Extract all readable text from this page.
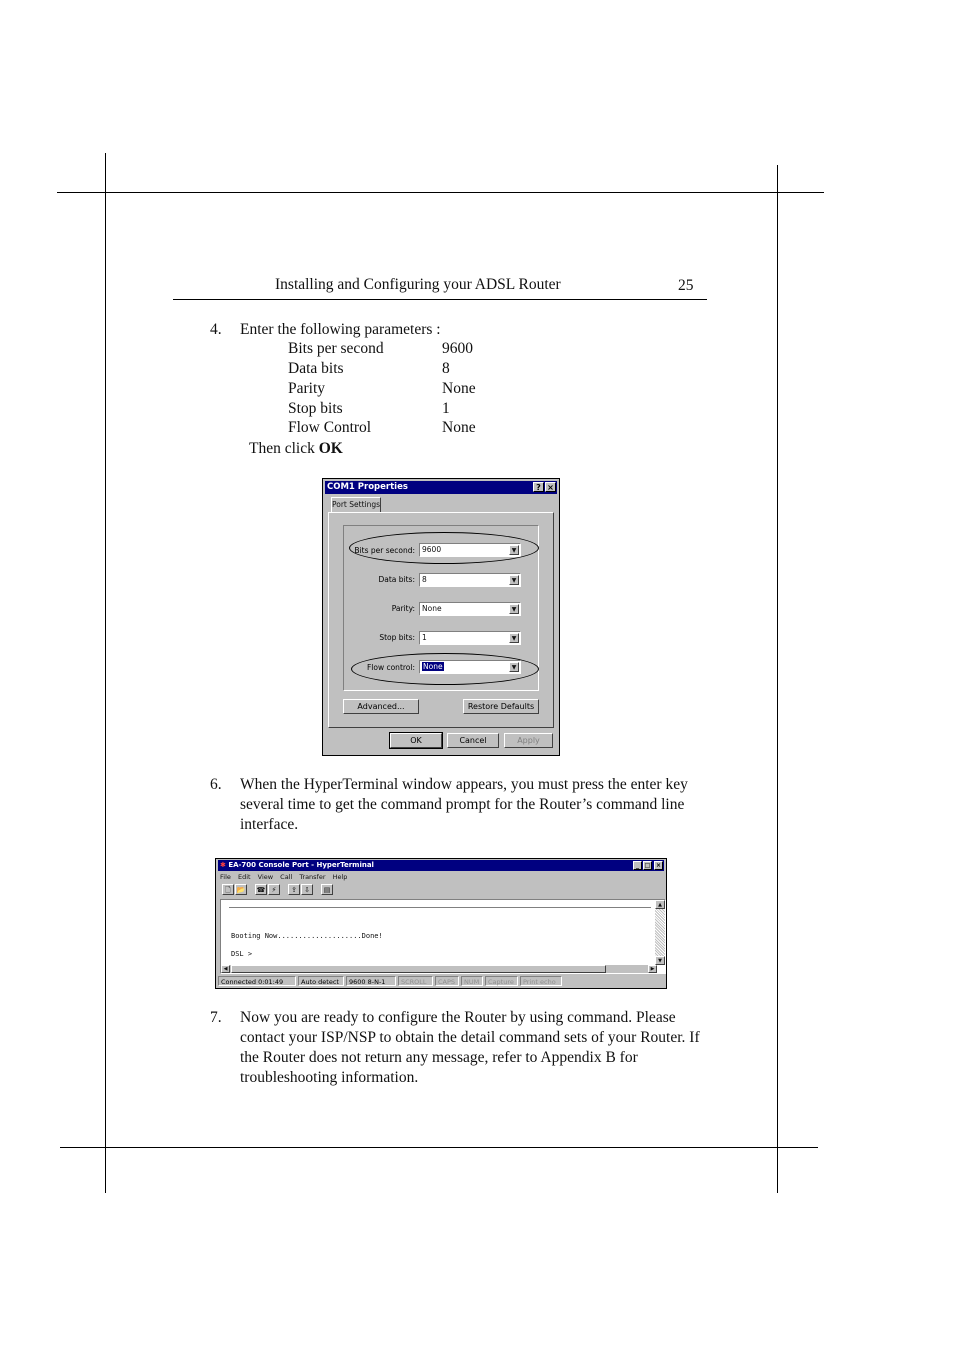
Installing and Configuring your ADSL Router	25
4. Enter the following parameters :
Bits per second	9600
Data bits	8
Parity	None
Stop bits	1
Flow Control	None
Then click OK
COM1 Properties	? ×
Port Settings
Bits per second: 9600	▼
Data bits: 8	▼
Parity: None	▼
Stop bits: 1	▼
Flow control:	None	▼
Advanced...	Restore Defaults
OK	Cancel	Apply
6. When the HyperTerminal window appears, you must press the enter key several time to get the command prompt for the Router’s command line interface.
✱ EA-700 Console Port - HyperTerminal	_ □ ×
File Edit View Call Transfer Help
🗋 📂 ☎ ⚡	⇪	⇩	▤
Booting Now....................Done!
DSL >
▲
▼
◀	▶
Connected 0:01:49	Auto detect	9600 8-N-1	SCROLL	CAPS	NUM	Capture	Print echo
7. Now you are ready to configure the Router by using command. Please contact your ISP/NSP to obtain the detail command sets of your Router. If the Router does not return any message, refer to Appendix B for troubleshooting information.
